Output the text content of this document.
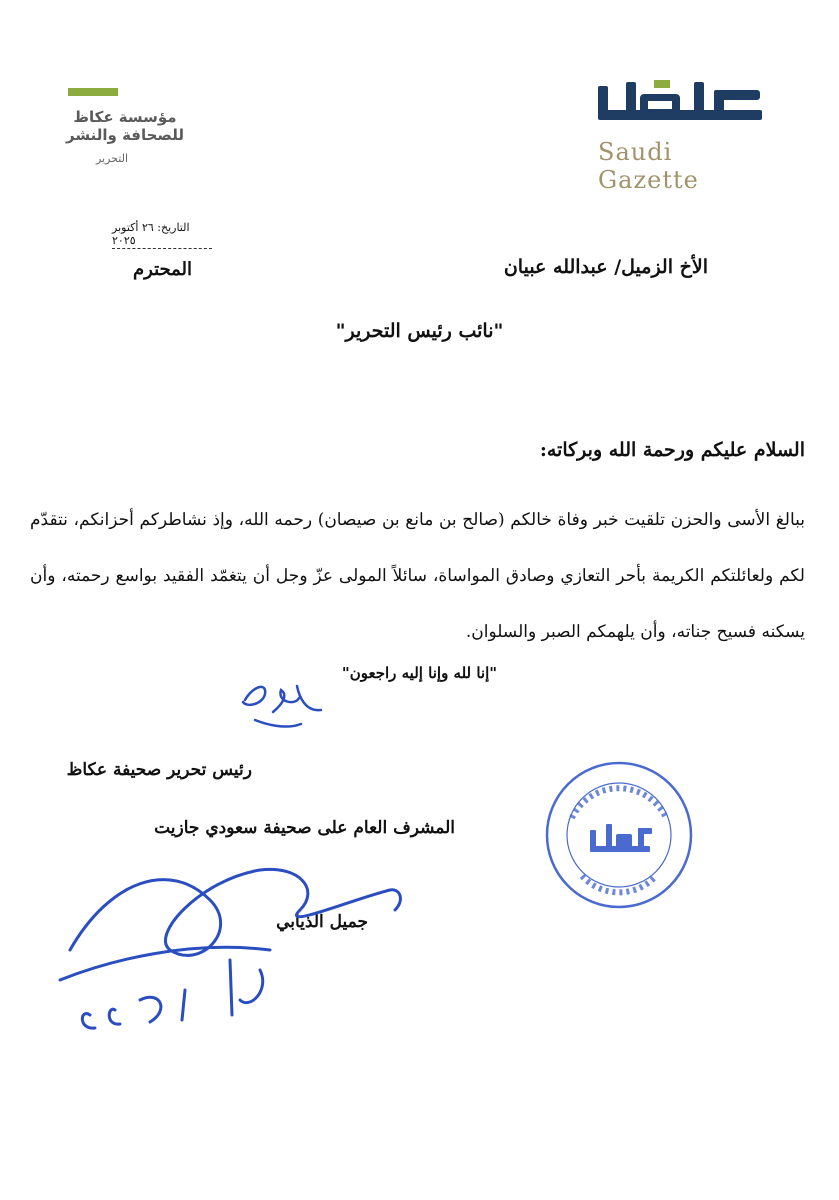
مؤسسة عكاظ
للصحافة والنشر
التحرير	Saudi Gazette
التاريخ: ٢٦ أكتوبر ٢٠٢٥
الأخ الزميل/ عبدالله عبيان
المحترم
"نائب رئيس التحرير"
السلام عليكم ورحمة الله وبركاته:
ببالغ الأسى والحزن تلقيت خبر وفاة خالكم (صالح بن مانع بن صيصان) رحمه الله، وإذ نشاطركم أحزانكم، نتقدّم لكم ولعائلتكم الكريمة بأحر التعازي وصادق المواساة، سائلاً المولى عزّ وجل أن يتغمّد الفقيد بواسع رحمته، وأن يسكنه فسيح جناته، وأن يلهمكم الصبر والسلوان.
"إنا لله وإنا إليه راجعون"
رئيس تحرير صحيفة عكاظ
المشرف العام على صحيفة سعودي جازيت
جميل الذيابي
